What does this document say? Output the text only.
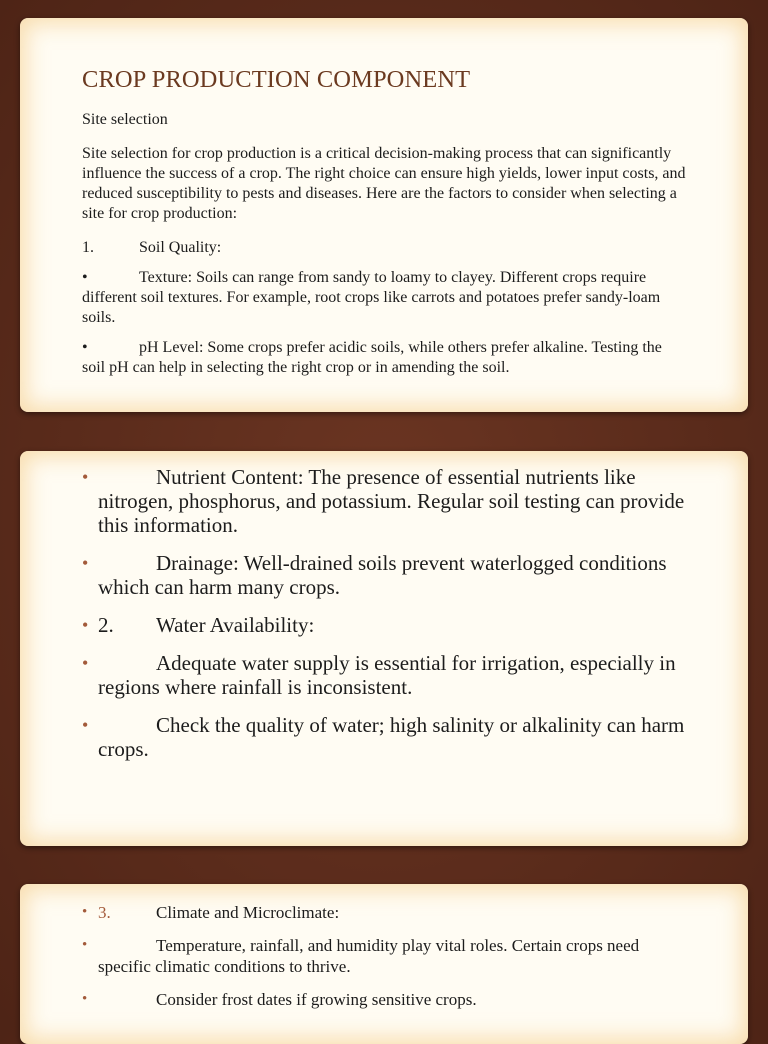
CROP PRODUCTION COMPONENT

Site selection

Site selection for crop production is a critical decision-making process that can significantly influence the success of a crop. The right choice can ensure high yields, lower input costs, and reduced susceptibility to pests and diseases. Here are the factors to consider when selecting a site for crop production:

1.	Soil Quality:

•	Texture: Soils can range from sandy to loamy to clayey. Different crops require different soil textures. For example, root crops like carrots and potatoes prefer sandy-loam soils.

•	pH Level: Some crops prefer acidic soils, while others prefer alkaline. Testing the soil pH can help in selecting the right crop or in amending the soil.

•	Nutrient Content: The presence of essential nutrients like nitrogen, phosphorus, and potassium. Regular soil testing can provide this information.
•	Drainage: Well-drained soils prevent waterlogged conditions which can harm many crops.
• 2. Water Availability:
•	Adequate water supply is essential for irrigation, especially in regions where rainfall is inconsistent.
•	Check the quality of water; high salinity or alkalinity can harm crops.
• 3.	Climate and Microclimate:
•	Temperature, rainfall, and humidity play vital roles. Certain crops need specific climatic conditions to thrive.
•	Consider frost dates if growing sensitive crops.
